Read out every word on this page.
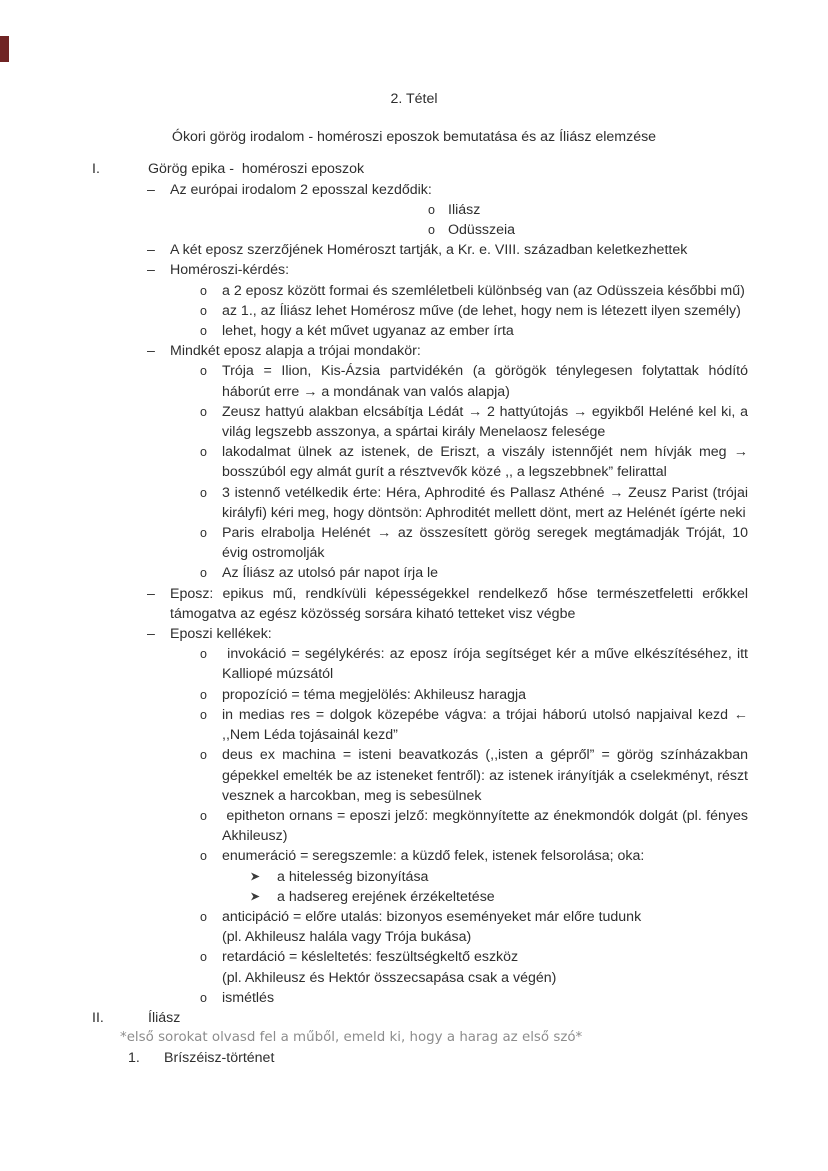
2. Tétel
Ókori görög irodalom - homéroszi eposzok bemutatása és az Íliász elemzése
I.	Görög epika -  homéroszi eposzok
– Az európai irodalom 2 eposszal kezdődik:
o Iliász
o Odüsszeia
– A két eposz szerzőjének Homéroszt tartják, a Kr. e. VIII. században keletkezhettek
– Homéroszi-kérdés:
o a 2 eposz között formai és szemléletbeli különbség van (az Odüsszeia későbbi mű)
o az 1., az Íliász lehet Homérosz műve (de lehet, hogy nem is létezett ilyen személy)
o lehet, hogy a két művet ugyanaz az ember írta
– Mindkét eposz alapja a trójai mondakör:
o Trója = Ilion, Kis-Ázsia partvidékén (a görögök ténylegesen folytattak hódító háborút erre → a mondának van valós alapja)
o Zeusz hattyú alakban elcsábítja Lédát → 2 hattyútojás → egyikből Heléné kel ki, a világ legszebb asszonya, a spártai király Menelaosz felesége
o lakodalmat ülnek az istenek, de Eriszt, a viszály istennőjét nem hívják meg → bosszúból egy almát gurít a résztvevők közé ,, a legszebbnek” felirattal
o 3 istennő vetélkedik érte: Héra, Aphrodité és Pallasz Athéné → Zeusz Parist (trójai királyfi) kéri meg, hogy döntsön: Aphroditét mellett dönt, mert az Helénét ígérte neki
o Paris elrabolja Helénét → az összesített görög seregek megtámadják Tróját, 10 évig ostromolják
o Az Íliász az utolsó pár napot írja le
– Eposz: epikus mű, rendkívüli képességekkel rendelkező hőse természetfeletti erőkkel támogatva az egész közösség sorsára kiható tetteket visz végbe
– Eposzi kellékek:
o invokáció = segélykérés: az eposz írója segítséget kér a műve elkészítéséhez, itt Kalliopé múzsától
o propozíció = téma megjelölés: Akhileusz haragja
o in medias res = dolgok közepébe vágva: a trójai háború utolsó napjaival kezd ← ,,Nem Léda tojásainál kezd”
o deus ex machina = isteni beavatkozás (,,isten a gépről” = görög színházakban gépekkel emelték be az isteneket fentről): az istenek irányítják a cselekményt, részt vesznek a harcokban, meg is sebesülnek
o epitheton ornans = eposzi jelző: megkönnyítette az énekmondók dolgát (pl. fényes Akhileusz)
o enumeráció = seregszemle: a küzdő felek, istenek felsorolása; oka:
a hitelesség bizonyítása
a hadsereg erejének érzékeltetése
o anticipáció = előre utalás: bizonyos eseményeket már előre tudunk
(pl. Akhileusz halála vagy Trója bukása)
o retardáció = késleltetés: feszültségkeltő eszköz
(pl. Akhileusz és Hektór összecsapása csak a végén)
o ismétlés
II.	Íliász
*első sorokat olvasd fel a műből, emeld ki, hogy a harag az első szó*
1. Bríszéisz-történet
